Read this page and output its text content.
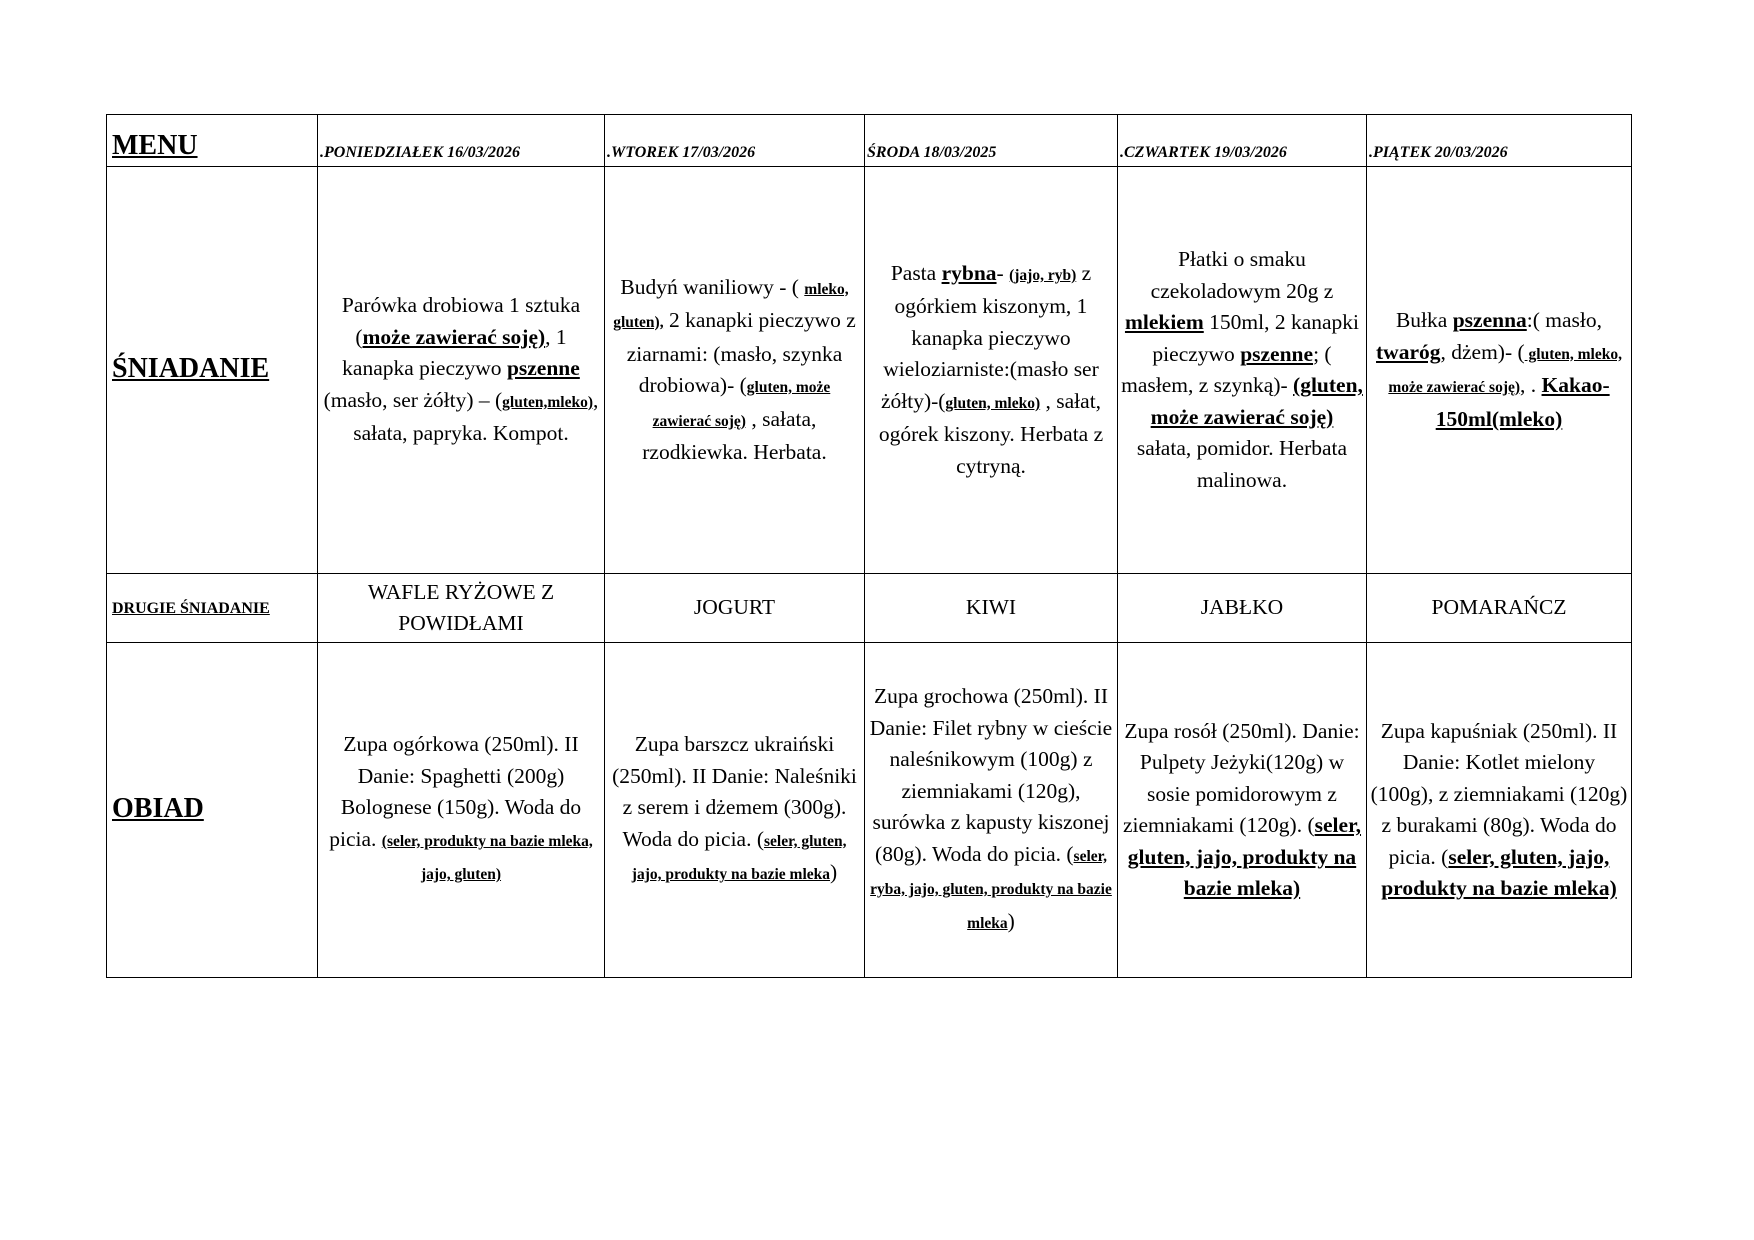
MENU	.PONIEDZIAŁEK 16/03/2026	.WTOREK 17/03/2026	ŚRODA 18/03/2025	.CZWARTEK 19/03/2026	.PIĄTEK 20/03/2026
ŚNIADANIE	Parówka drobiowa 1 sztuka (może zawierać soję), 1 kanapka pieczywo pszenne (masło, ser żółty) – (gluten,mleko), sałata, papryka. Kompot.	Budyń waniliowy - ( mleko, gluten), 2 kanapki pieczywo z ziarnami: (masło, szynka drobiowa)- (gluten, może zawierać soję) , sałata, rzodkiewka. Herbata.	Pasta rybna- (jajo, ryb) z ogórkiem kiszonym, 1 kanapka pieczywo wieloziarniste:(masło ser żółty)-(gluten, mleko) , sałat, ogórek kiszony. Herbata z cytryną.	Płatki o smaku czekoladowym 20g z mlekiem 150ml, 2 kanapki pieczywo pszenne; ( masłem, z szynką)- (gluten, może zawierać soję) sałata, pomidor. Herbata malinowa.	Bułka pszenna:( masło, twaróg, dżem)- ( gluten, mleko, może zawierać soję), . Kakao-150ml(mleko)
DRUGIE ŚNIADANIE	WAFLE RYŻOWE Z POWIDŁAMI	JOGURT	KIWI	JABŁKO	POMARAŃCZ
OBIAD	Zupa ogórkowa (250ml). II Danie: Spaghetti (200g) Bolognese (150g). Woda do picia. (seler, produkty na bazie mleka, jajo, gluten)	Zupa barszcz ukraiński (250ml). II Danie: Naleśniki z serem i dżemem (300g). Woda do picia. (seler, gluten, jajo, produkty na bazie mleka)	Zupa grochowa (250ml). II Danie: Filet rybny w cieście naleśnikowym (100g) z ziemniakami (120g), surówka z kapusty kiszonej (80g). Woda do picia. (seler, ryba, jajo, gluten, produkty na bazie mleka)	Zupa rosół (250ml). Danie: Pulpety Jeżyki(120g) w sosie pomidorowym z ziemniakami (120g). (seler, gluten, jajo, produkty na bazie mleka)	Zupa kapuśniak (250ml). II Danie: Kotlet mielony (100g), z ziemniakami (120g) z burakami (80g). Woda do picia. (seler, gluten, jajo, produkty na bazie mleka)
